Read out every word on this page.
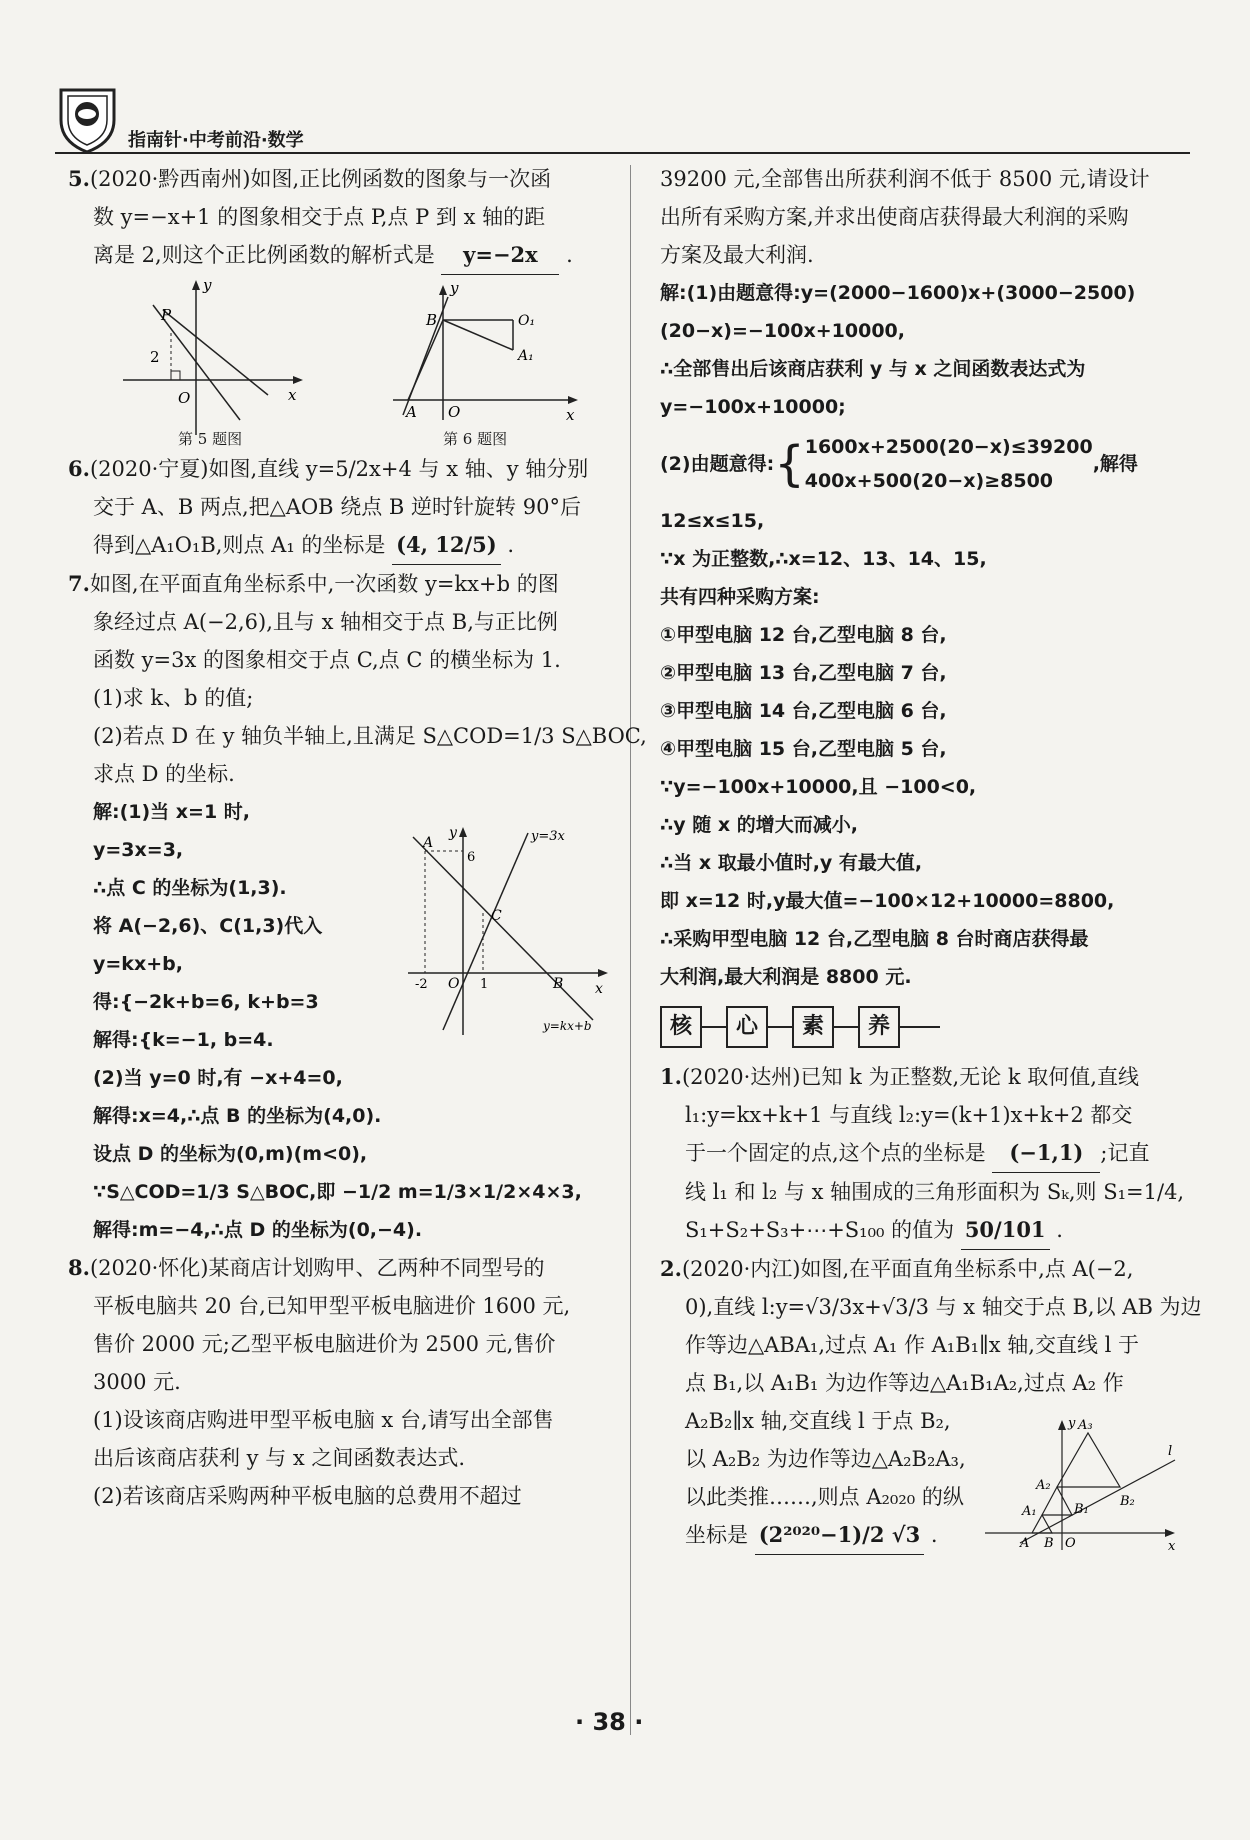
指南针·中考前沿·数学

5.(2020·黔西南州)如图,正比例函数的图象与一次函

数 y=−x+1 的图象相交于点 P,点 P 到 x 轴的距

离是 2,则这个正比例函数的解析式是 y=−2x .

y
x
O
P
2
第 5 题图
y
x
O
B
A
O₁
A₁
第 6 题图

6.(2020·宁夏)如图,直线 y=5/2x+4 与 x 轴、y 轴分别

交于 A、B 两点,把△AOB 绕点 B 逆时针旋转 90°后

得到△A₁O₁B,则点 A₁ 的坐标是 (4, 12/5) .

7.如图,在平面直角坐标系中,一次函数 y=kx+b 的图

象经过点 A(−2,6),且与 x 轴相交于点 B,与正比例

函数 y=3x 的图象相交于点 C,点 C 的横坐标为 1.

(1)求 k、b 的值;

(2)若点 D 在 y 轴负半轴上,且满足 S△COD=1/3 S△BOC,

求点 D 的坐标.

解:(1)当 x=1 时,

y=3x=3,

∴点 C 的坐标为(1,3).

将 A(−2,6)、C(1,3)代入

y=kx+b,

得:{−2k+b=6, k+b=3

解得:{k=−1, b=4.

(2)当 y=0 时,有 −x+4=0,

解得:x=4,∴点 B 的坐标为(4,0).

设点 D 的坐标为(0,m)(m<0),

∵S△COD=1/3 S△BOC,即 −1/2 m=1/3×1/2×4×3,

解得:m=−4,∴点 D 的坐标为(0,−4).

y
x
O
A
B
C
6
-2	1
y=3x
y=kx+b

8.(2020·怀化)某商店计划购甲、乙两种不同型号的

平板电脑共 20 台,已知甲型平板电脑进价 1600 元,

售价 2000 元;乙型平板电脑进价为 2500 元,售价

3000 元.

(1)设该商店购进甲型平板电脑 x 台,请写出全部售

出后该商店获利 y 与 x 之间函数表达式.

(2)若该商店采购两种平板电脑的总费用不超过

39200 元,全部售出所获利润不低于 8500 元,请设计

出所有采购方案,并求出使商店获得最大利润的采购

方案及最大利润.

解:(1)由题意得:y=(2000−1600)x+(3000−2500)

(20−x)=−100x+10000,

∴全部售出后该商店获利 y 与 x 之间函数表达式为

y=−100x+10000;

(2)由题意得: { 1600x+2500(20−x)≤39200
400x+500(20−x)≥8500
,解得

12≤x≤15,

∵x 为正整数,∴x=12、13、14、15,

共有四种采购方案:

①甲型电脑 12 台,乙型电脑 8 台,

②甲型电脑 13 台,乙型电脑 7 台,

③甲型电脑 14 台,乙型电脑 6 台,

④甲型电脑 15 台,乙型电脑 5 台,

∵y=−100x+10000,且 −100<0,

∴y 随 x 的增大而减小,

∴当 x 取最小值时,y 有最大值,

即 x=12 时,y最大值=−100×12+10000=8800,

∴采购甲型电脑 12 台,乙型电脑 8 台时商店获得最

大利润,最大利润是 8800 元.

核	心	素	养

1.(2020·达州)已知 k 为正整数,无论 k 取何值,直线

l₁:y=kx+k+1 与直线 l₂:y=(k+1)x+k+2 都交

于一个固定的点,这个点的坐标是 (−1,1) ;记直

线 l₁ 和 l₂ 与 x 轴围成的三角形面积为 Sₖ,则 S₁=1/4,

S₁+S₂+S₃+⋯+S₁₀₀ 的值为 50/101 .

2.(2020·内江)如图,在平面直角坐标系中,点 A(−2,

0),直线 l:y=√3/3x+√3/3 与 x 轴交于点 B,以 AB 为边

作等边△ABA₁,过点 A₁ 作 A₁B₁∥x 轴,交直线 l 于

点 B₁,以 A₁B₁ 为边作等边△A₁B₁A₂,过点 A₂ 作

A₂B₂∥x 轴,交直线 l 于点 B₂,

以 A₂B₂ 为边作等边△A₂B₂A₃,

以此类推……,则点 A₂₀₂₀ 的纵

坐标是 (2²⁰²⁰−1)/2 √3 .

y
x
O
A B
A₁
A₂
A₃
B₁
B₂
l
· 38 ·
